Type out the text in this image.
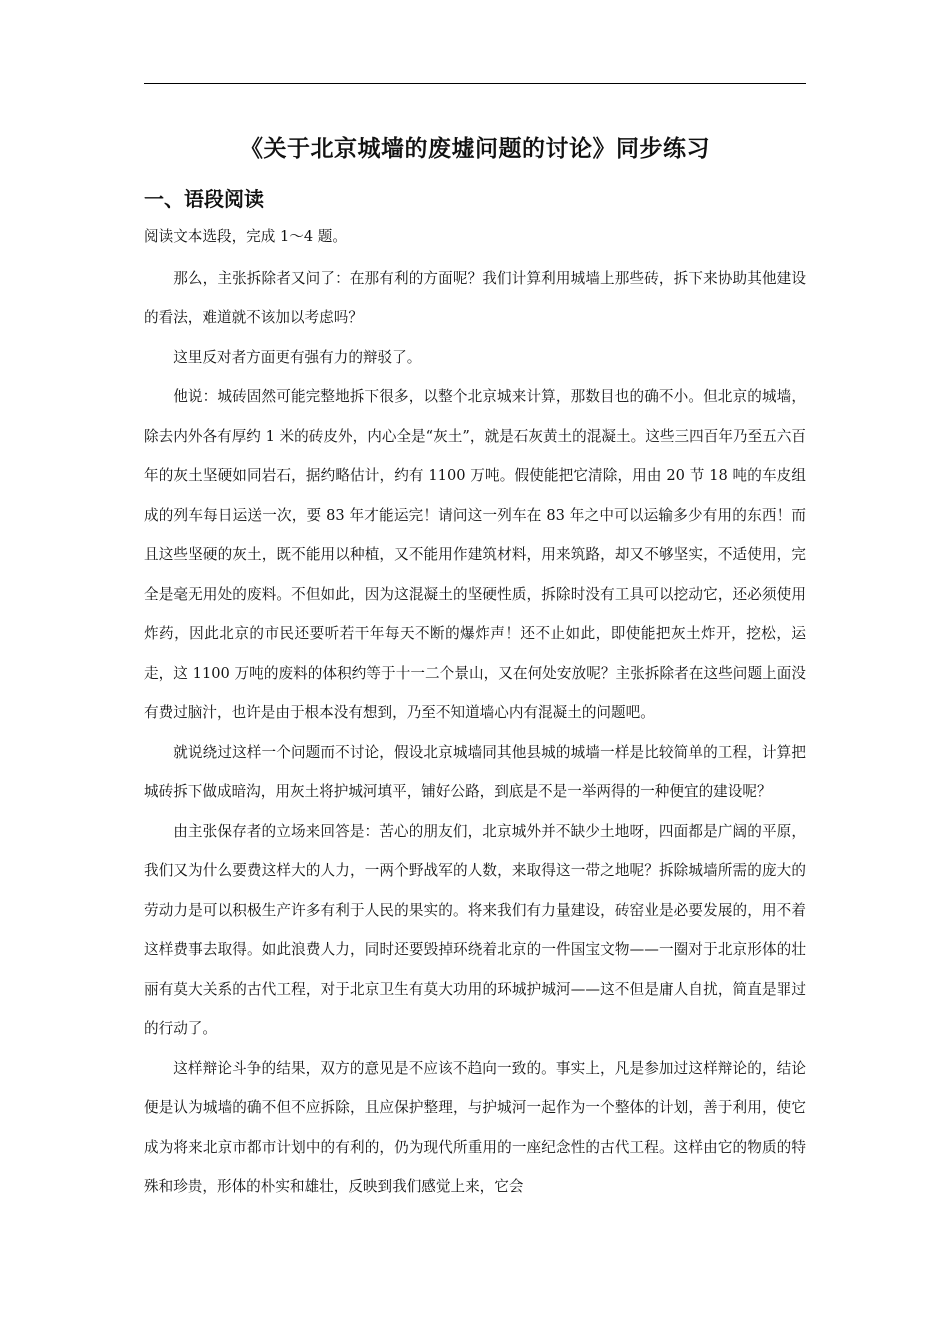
《关于北京城墙的废墟问题的讨论》同步练习
一、语段阅读

阅读文本选段，完成 1～4 题。

那么，主张拆除者又问了：在那有利的方面呢？我们计算利用城墙上那些砖，拆下来协助其他建设的看法，难道就不该加以考虑吗？

这里反对者方面更有强有力的辩驳了。

他说：城砖固然可能完整地拆下很多，以整个北京城来计算，那数目也的确不小。但北京的城墙，除去内外各有厚约 1 米的砖皮外，内心全是“灰土”，就是石灰黄土的混凝土。这些三四百年乃至五六百年的灰土坚硬如同岩石，据约略估计，约有 1100 万吨。假使能把它清除，用由 20 节 18 吨的车皮组成的列车每日运送一次，要 83 年才能运完！请问这一列车在 83 年之中可以运输多少有用的东西！而且这些坚硬的灰土，既不能用以种植，又不能用作建筑材料，用来筑路，却又不够坚实，不适使用，完全是毫无用处的废料。不但如此，因为这混凝土的坚硬性质，拆除时没有工具可以挖动它，还必须使用炸药，因此北京的市民还要听若干年每天不断的爆炸声！还不止如此，即使能把灰土炸开，挖松，运走，这 1100 万吨的废料的体积约等于十一二个景山，又在何处安放呢？主张拆除者在这些问题上面没有费过脑汁，也许是由于根本没有想到，乃至不知道墙心内有混凝土的问题吧。

就说绕过这样一个问题而不讨论，假设北京城墙同其他县城的城墙一样是比较简单的工程，计算把城砖拆下做成暗沟，用灰土将护城河填平，铺好公路，到底是不是一举两得的一种便宜的建设呢？

由主张保存者的立场来回答是：苦心的朋友们，北京城外并不缺少土地呀，四面都是广阔的平原，我们又为什么要费这样大的人力，一两个野战军的人数，来取得这一带之地呢？拆除城墙所需的庞大的劳动力是可以积极生产许多有利于人民的果实的。将来我们有力量建设，砖窑业是必要发展的，用不着这样费事去取得。如此浪费人力，同时还要毁掉环绕着北京的一件国宝文物——一圈对于北京形体的壮丽有莫大关系的古代工程，对于北京卫生有莫大功用的环城护城河——这不但是庸人自扰，简直是罪过的行动了。

这样辩论斗争的结果，双方的意见是不应该不趋向一致的。事实上，凡是参加过这样辩论的，结论便是认为城墙的确不但不应拆除，且应保护整理，与护城河一起作为一个整体的计划，善于利用，使它成为将来北京市都市计划中的有利的，仍为现代所重用的一座纪念性的古代工程。这样由它的物质的特殊和珍贵，形体的朴实和雄壮，反映到我们感觉上来，它会
